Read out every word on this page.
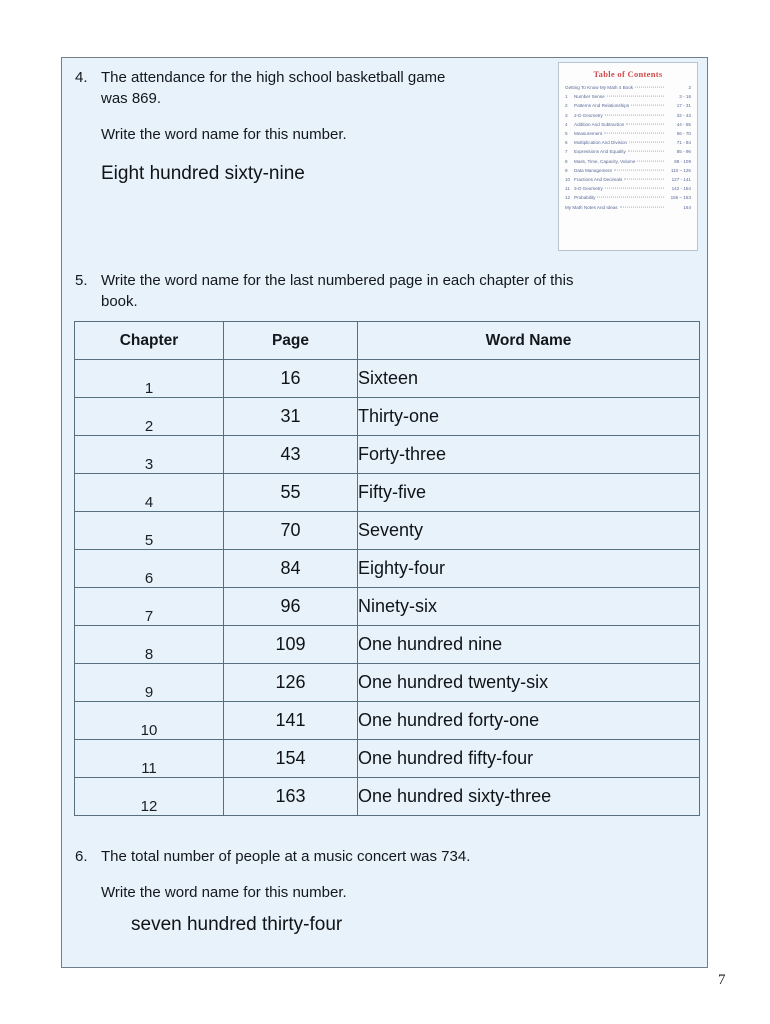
4. The attendance for the high school basketball game
was 869.
Write the word name for this number.
Eight hundred sixty-nine
Table of Contents
Getting To Know My Math 4 Book	2
1	Number Sense	3 - 16
2	Patterns And Relationships	17 - 31
3	2-D Geometry	32 - 43
4	Addition And Subtraction	44 - 55
5	Measurement	56 - 70
6	Multiplication And Division	71 - 84
7	Expressions And Equality	85 - 96
8	Mass, Time, Capacity, Volume	98 - 109
9	Data Management	110 – 126
10 Fractions And Decimals	127 - 141
11 3-D Geometry	142 - 154
12 Probability	155 – 163
My Math Notes And Ideas	164
5. Write the word name for the last numbered page in each chapter of this
book.
Chapter	Page	Word Name
1	16	Sixteen
2	31	Thirty-one
3	43	Forty-three
4	55	Fifty-five
5	70	Seventy
6	84	Eighty-four
7	96	Ninety-six
8	109	One hundred nine
9	126	One hundred twenty-six
10	141	One hundred forty-one
11	154	One hundred fifty-four
12	163	One hundred sixty-three
6. The total number of people at a music concert was 734.
Write the word name for this number.
seven hundred thirty-four
7
